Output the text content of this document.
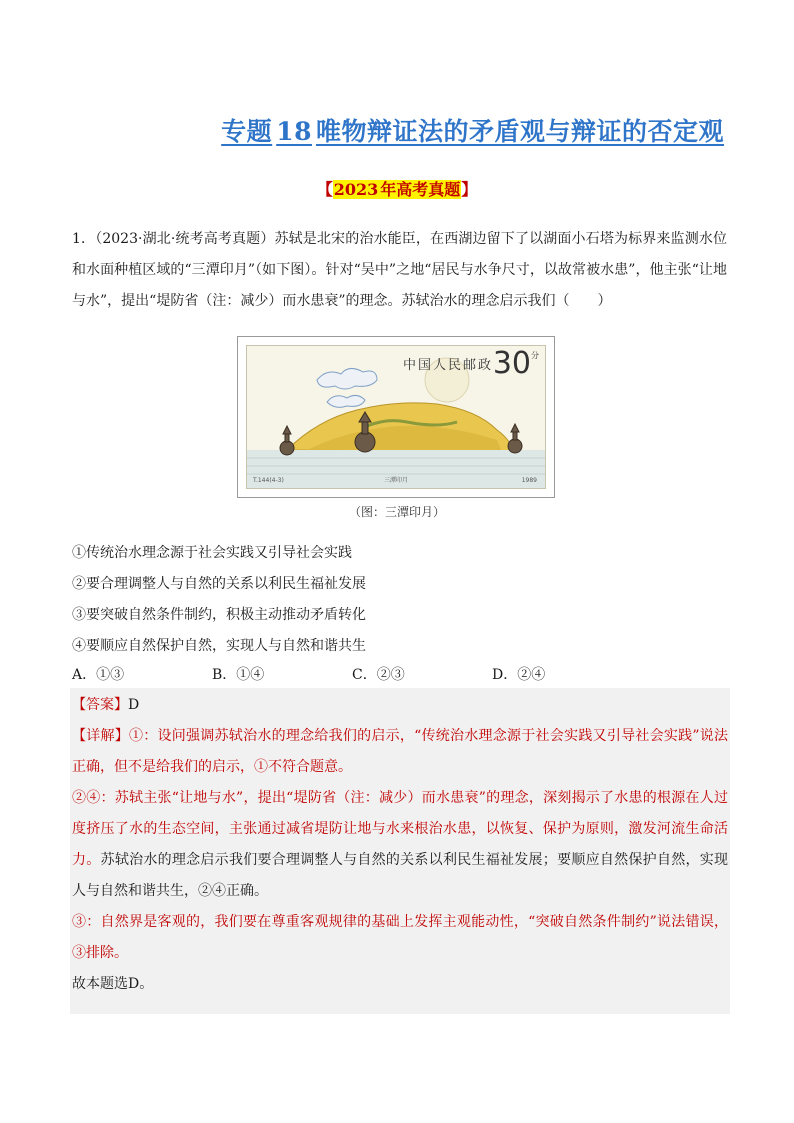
专题 18 唯物辩证法的矛盾观与辩证的否定观
【2023 年高考真题】
1．（2023·湖北·统考高考真题）苏轼是北宋的治水能臣，在西湖边留下了以湖面小石塔为标界来监测水位和水面种植区域的“三潭印月”（如下图）。针对“吴中”之地“居民与水争尺寸，以故常被水患”，他主张“让地与水”，提出“堤防省（注：减少）而水患衰”的理念。苏轼治水的理念启示我们（　　）
中国人民邮政 30 分
T.144(4-3)	三潭印月	1989
（图：三潭印月）
①传统治水理念源于社会实践又引导社会实践
②要合理调整人与自然的关系以利民生福祉发展
③要突破自然条件制约，积极主动推动矛盾转化
④要顺应自然保护自然，实现人与自然和谐共生
A．①③	B．①④	C．②③	D．②④
【答案】D
【详解】①：设问强调苏轼治水的理念给我们的启示，“传统治水理念源于社会实践又引导社会实践”说法正确，但不是给我们的启示，①不符合题意。
②④：苏轼主张“让地与水”，提出“堤防省（注：减少）而水患衰”的理念，深刻揭示了水患的根源在人过度挤压了水的生态空间，主张通过减省堤防让地与水来根治水患，以恢复、保护为原则，激发河流生命活力。苏轼治水的理念启示我们要合理调整人与自然的关系以利民生福祉发展；要顺应自然保护自然，实现人与自然和谐共生，②④正确。
③：自然界是客观的，我们要在尊重客观规律的基础上发挥主观能动性，“突破自然条件制约”说法错误，③排除。
故本题选D。
